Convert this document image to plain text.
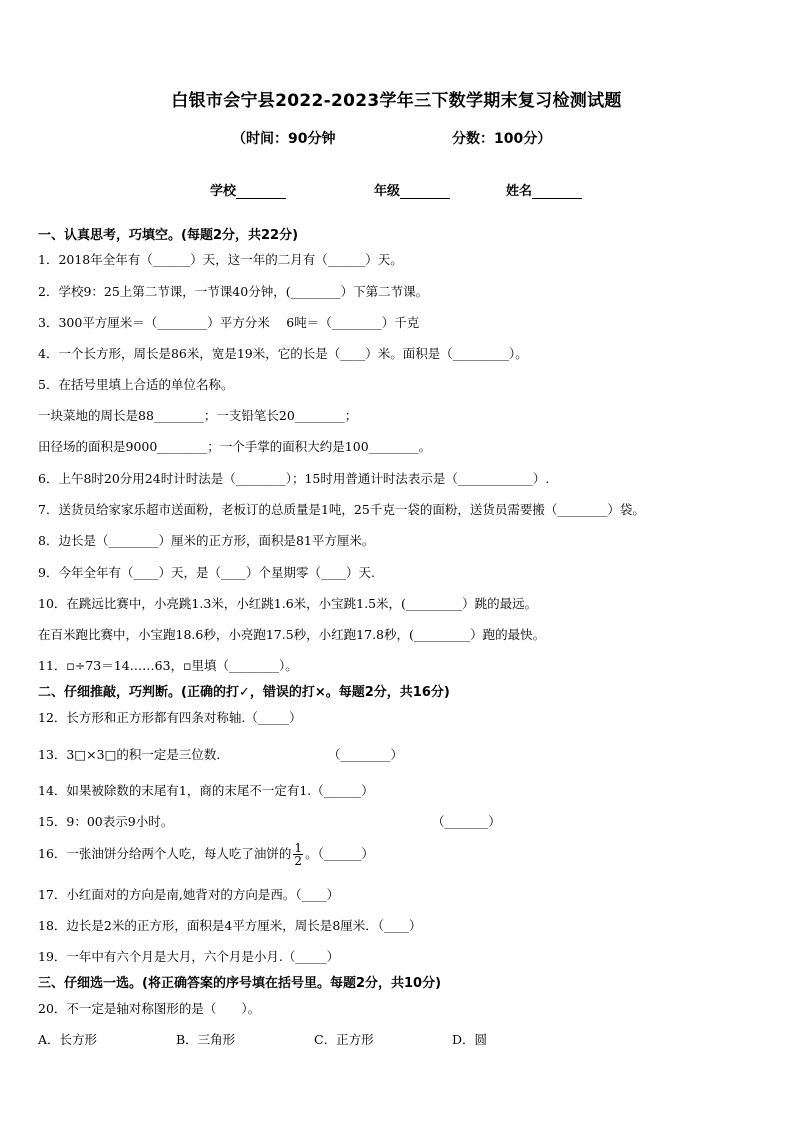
白银市会宁县2022-2023学年三下数学期末复习检测试题
（时间：90分钟	分数：100分）
学校	年级	姓名
一、认真思考，巧填空。(每题2分，共22分)
1．2018年全年有（______）天，这一年的二月有（______）天。
2．学校9：25上第二节课，一节课40分钟，(________）下第二节课。
3．300平方厘米＝（________）平方分米　 6吨＝（________）千克
4．一个长方形，周长是86米，宽是19米，它的长是（____）米。面积是（_________）。
5．在括号里填上合适的单位名称。
一块菜地的周长是88________；一支铅笔长20________；
田径场的面积是9000________；一个手掌的面积大约是100________。
6．上午8时20分用24时计时法是（________）；15时用普通计时法表示是（____________）.
7．送货员给家家乐超市送面粉，老板订的总质量是1吨，25千克一袋的面粉，送货员需要搬（________）袋。
8．边长是（________）厘米的正方形，面积是81平方厘米。
9．今年全年有（____）天，是（____）个星期零（____）天.
10．在跳远比赛中，小亮跳1.3米，小红跳1.6米，小宝跳1.5米，(_________）跳的最远。
在百米跑比赛中，小宝跑18.6秒，小亮跑17.5秒，小红跑17.8秒，(_________）跑的最快。
11．▫÷73＝14……63，▫里填（________）。
二、仔细推敲，巧判断。(正确的打✓，错误的打×。每题2分，共16分)
12．长方形和正方形都有四条对称轴.（_____）
13．3□×3□的积一定是三位数．	（________）
14．如果被除数的末尾有1，商的末尾不一定有1.（______）
15．9：00表示9小时。	（_______）
16．一张油饼分给两个人吃，每人吃了油饼的 $\frac{1}{2}$ 。（______）
17．小红面对的方向是南,她背对的方向是西。（____）
18．边长是2米的正方形，面积是4平方厘米，周长是8厘米．（____）
19．一年中有六个月是大月，六个月是小月.（_____）
三、仔细选一选。(将正确答案的序号填在括号里。每题2分，共10分)
20．不一定是轴对称图形的是（　　）。
A．长方形	B．三角形	C．正方形	D．圆
